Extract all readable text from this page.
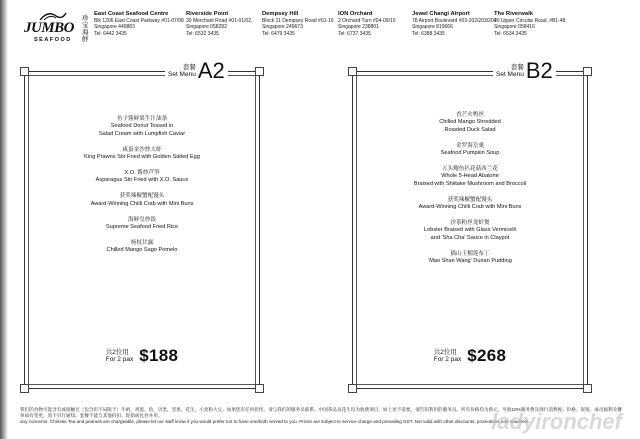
JUMBO
SEAFOOD
珍宝海鲜
East Coast Seafood Centre
Blk 1206 East Coast Parkway #01-07/08
Singapore 449883
Tel: 6442 3435
Riverside Point
30 Merchant Road #01-01/02,
Singapore 058282
Tel: 6532 3435
Dempsey Hill
Block 11 Dempsey Road #01-16
Singapore 249673
Tel: 6479 3435
ION Orchard
2 Orchard Turn #04-09/10
Singapore 238801
Tel: 6737 3435
Jewel Changi Airport
78 Airport Boulevard #03-202/203/204
Singapore 819666
Tel: 6388 3435
The Riverwalk
20 Upper Circular Road, #B1-48
Singapore 058416
Tel: 6534 3435
套餐
Set Menu A2
鱼子酱鲜果生汁油条
Seafood Donut Tossed in
Salad Cream with Lumpfish Caviar
咸蛋金沙炒大虾
King Prawns Stir Fried with Golden Salted Egg
X.O. 酱炒芦笋
Asparagus Stir Fried with X.O. Sauce
获奖辣椒蟹配馒头
Award-Winning Chilli Crab with Mini Buns
海鲜皇炒饭
Supreme Seafood Fried Rice
杨枝甘露
Chilled Mango Sago Pomelo
共2位用
For 2 pax $188
套餐
Set Menu B2
香芒火鸭丝
Chilled Mango Shredded
Roasted Duck Salad
金罗海皇羹
Seafood Pumpkin Soup
五头鲍鱼扒花菇西兰花
Whole 5-Head Abalone
Braised with Shiitake Mushroom and Broccoli
获奖辣椒蟹配馒头
Award-Winning Chilli Crab with Mini Buns
沙茶粉丝龙虾煲
Lobster Braised with Glass Vermicelli
and 'Sha Cha' Sauce in Claypot
猫山王榴莲布丁
'Mao Shan Wang' Durian Pudding
共2位用
For 2 pax $268
我们的食物可能含有或接触过（包含但不局限于）牛奶，鸡蛋，鱼，贝类，坚果，花生，小麦和大豆。如果您有任何担忧，请与我们的服务员联系。中国茶品及花生均为收费项目，如上述不需要，请告知我们的服务员。所有价格均为新元，另收10%服务费及现行消费税。价格、促销、成员福利及餐单如有变更，恕不另行通知。套餐不能与其他折扣、促销或礼券并用。
any concerns. Chinese Tea and peanuts are chargeable, please let our staff know if you would prefer not to have one/both served to you. Prices are subject to service charge and prevailing GST. Not valid with other discounts, promotions and vouchers.
ladyironchef
